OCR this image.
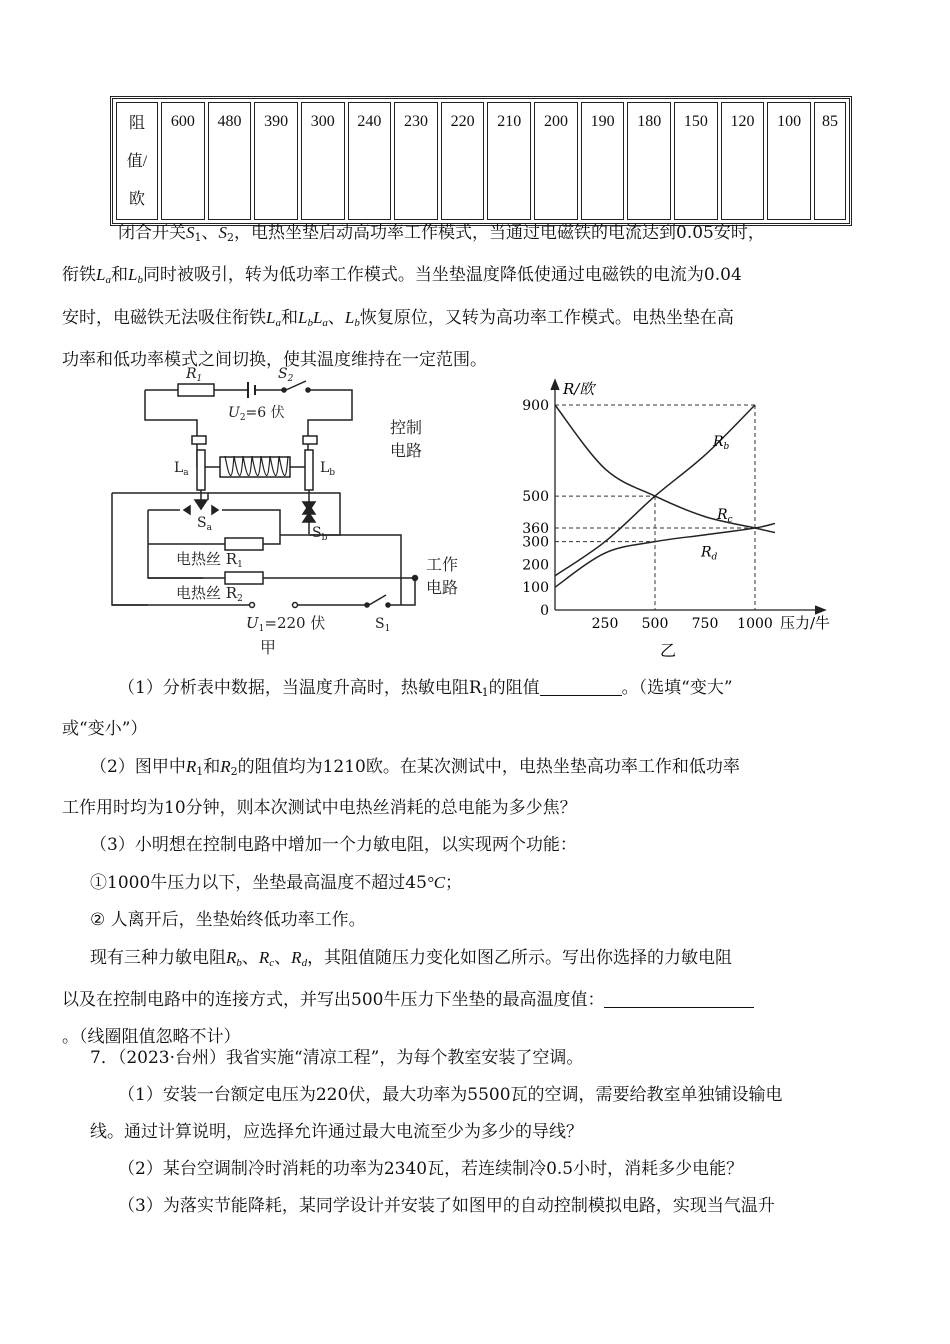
阻
值/
欧
	600	480	390	300	240	230	220	210	200	190	180	150	120	100	85
闭合开关$S_1$、$S_2$，电热坐垫启动高功率工作模式，当通过电磁铁的电流达到0.05安时，
衔铁$L_a$和$L_b$同时被吸引，转为低功率工作模式。当坐垫温度降低使通过电磁铁的电流为0.04
安时，电磁铁无法吸住衔铁$L_a$和$L_bL_a$、$L_b$恢复原位，又转为高功率工作模式。电热坐垫在高
功率和低功率模式之间切换，使其温度维持在一定范围。
$R_1$	$S_2$
$U_2=6$ 伏
控制
电路
$L_a$	$L_b$
$S_a$	$S_b$
电热丝 $R_1$
电热丝 $R_2$
工作
电路
$U_1=220$ 伏	$S_1$
甲
R/欧
压力/牛
乙
0
100
200
300
360
500
900
250 500 750 1000
$R_b$
$R_c$
$R_d$
（1）分析表中数据，当温度升高时，热敏电阻$R_1$的阻值	。（选填“变大”
或“变小”）
（2）图甲中$R_1$和$R_2$的阻值均为1210欧。在某次测试中，电热坐垫高功率工作和低功率
工作用时均为10分钟，则本次测试中电热丝消耗的总电能为多少焦？
（3）小明想在控制电路中增加一个力敏电阻，以实现两个功能：
①1000牛压力以下，坐垫最高温度不超过45°C；
② 人离开后，坐垫始终低功率工作。
现有三种力敏电阻$R_b$、$R_c$、$R_d$，其阻值随压力变化如图乙所示。写出你选择的力敏电阻
以及在控制电路中的连接方式，并写出500牛压力下坐垫的最高温度值：
。（线圈阻值忽略不计）
7．（2023·台州）我省实施“清凉工程”，为每个教室安装了空调。
（1）安装一台额定电压为220伏，最大功率为5500瓦的空调，需要给教室单独铺设输电
线。通过计算说明，应选择允许通过最大电流至少为多少的导线？
（2）某台空调制冷时消耗的功率为2340瓦，若连续制冷0.5小时，消耗多少电能？
（3）为落实节能降耗，某同学设计并安装了如图甲的自动控制模拟电路，实现当气温升
